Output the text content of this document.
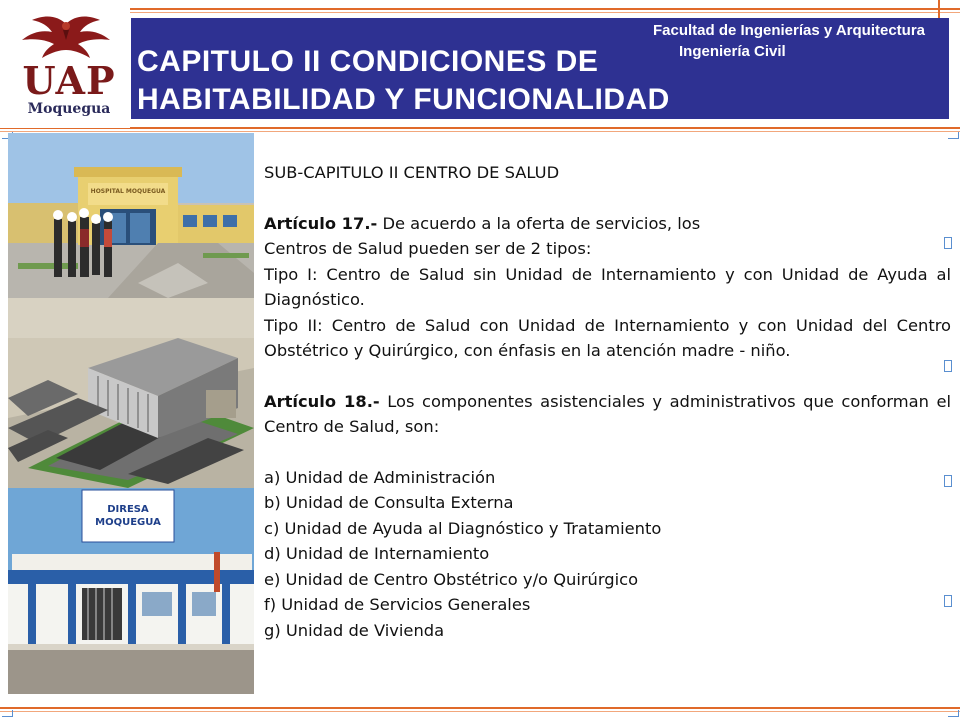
UAP
Moquegua
Facultad de Ingenierías y Arquitectura
Ingeniería Civil
CAPITULO II CONDICIONES DE
HABITABILIDAD Y FUNCIONALIDAD
HOSPITAL MOQUEGUA
DIRESA
MOQUEGUA

SUB-CAPITULO II CENTRO DE SALUD

Artículo 17.- De acuerdo a la oferta de servicios, los

Centros de Salud pueden ser de 2 tipos:

Tipo I: Centro de Salud sin Unidad de Internamiento y con Unidad de Ayuda al Diagnóstico.

Tipo II: Centro de Salud con Unidad de Internamiento y con Unidad del Centro Obstétrico y Quirúrgico, con énfasis en la atención madre - niño.

Artículo 18.- Los componentes asistenciales y administrativos que conforman el Centro de Salud, son:

a) Unidad de Administración

b) Unidad de Consulta Externa

c) Unidad de Ayuda al Diagnóstico y Tratamiento

d) Unidad de Internamiento

e) Unidad de Centro Obstétrico y/o Quirúrgico

f) Unidad de Servicios Generales

g) Unidad de Vivienda
